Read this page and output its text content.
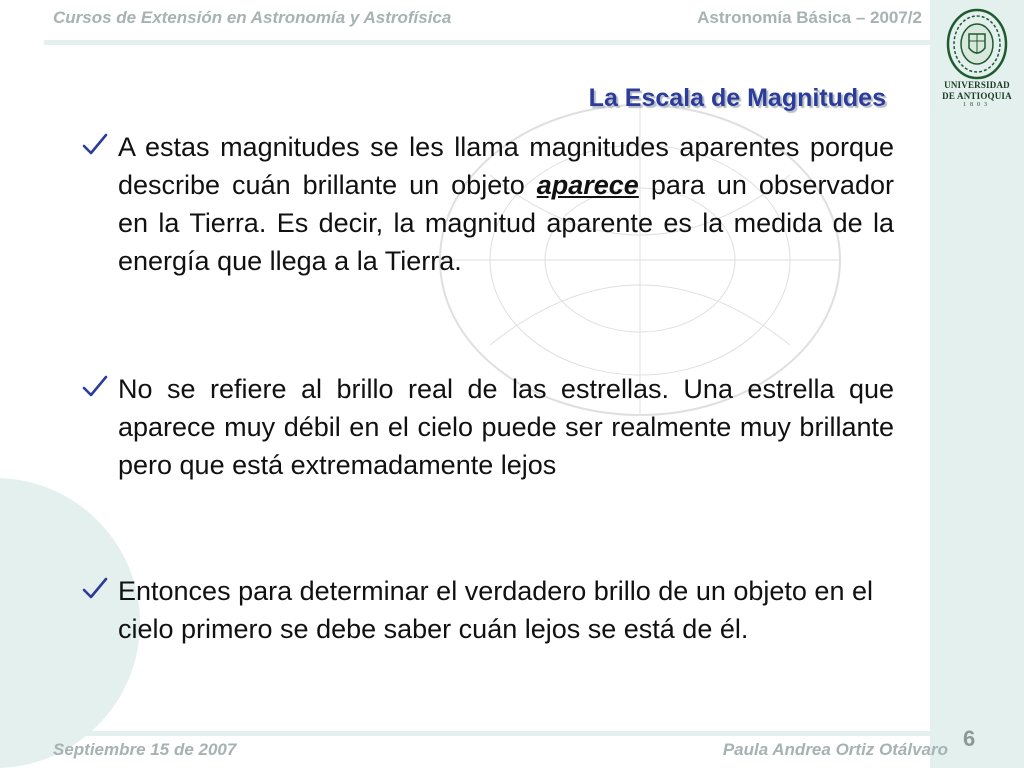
Cursos de Extensión en Astronomía y Astrofísica	Astronomía Básica – 2007/2
UNIVERSIDAD
DE ANTIOQUIA
1803
La Escala de Magnitudes
A estas magnitudes se les llama magnitudes aparentes porque describe cuán brillante un objeto aparece para un observador en la Tierra. Es decir, la magnitud aparente es la medida de la energía que llega a la Tierra.
No se refiere al brillo real de las estrellas. Una estrella que aparece muy débil en el cielo puede ser realmente muy brillante pero que está extremadamente lejos
Entonces para determinar el verdadero brillo de un objeto en el cielo primero se debe saber cuán lejos se está de él.
Septiembre 15 de 2007	Paula Andrea Ortiz Otálvaro 6
